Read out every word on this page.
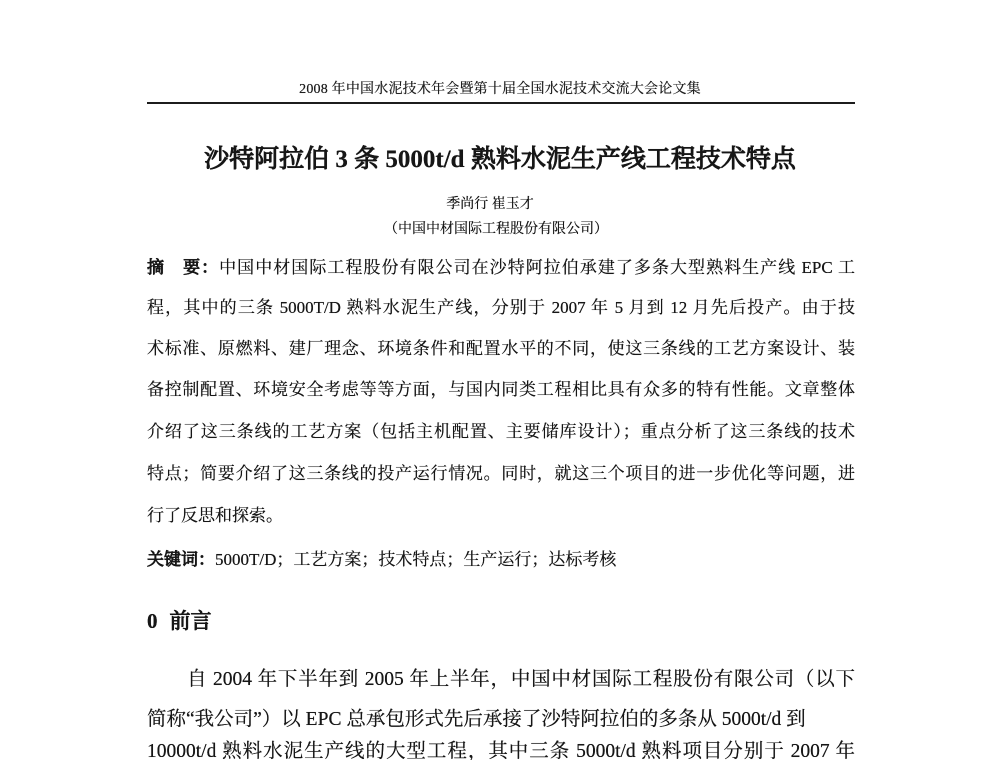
2008 年中国水泥技术年会暨第十届全国水泥技术交流大会论文集
沙特阿拉伯 3 条 5000t/d 熟料水泥生产线工程技术特点
季尚行 崔玉才
（中国中材国际工程股份有限公司）
摘　要：中国中材国际工程股份有限公司在沙特阿拉伯承建了多条大型熟料生产线 EPC 工
程，其中的三条 5000T/D 熟料水泥生产线，分别于 2007 年 5 月到 12 月先后投产。由于技
术标准、原燃料、建厂理念、环境条件和配置水平的不同，使这三条线的工艺方案设计、装
备控制配置、环境安全考虑等等方面，与国内同类工程相比具有众多的特有性能。文章整体
介绍了这三条线的工艺方案（包括主机配置、主要储库设计）；重点分析了这三条线的技术
特点；简要介绍了这三条线的投产运行情况。同时，就这三个项目的进一步优化等问题，进
行了反思和探索。
关键词：5000T/D；工艺方案；技术特点；生产运行；达标考核
0 前言
自 2004 年下半年到 2005 年上半年，中国中材国际工程股份有限公司（以下
简称“我公司”）以 EPC 总承包形式先后承接了沙特阿拉伯的多条从 5000t/d 到
10000t/d 熟料水泥生产线的大型工程，其中三条 5000t/d 熟料项目分别于 2007 年
